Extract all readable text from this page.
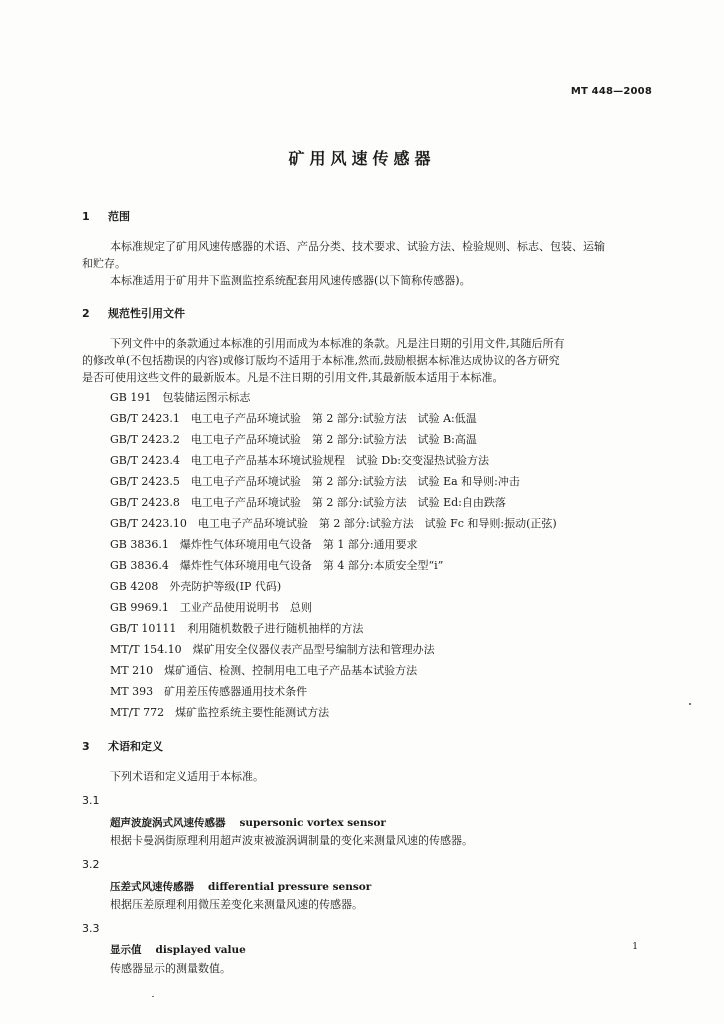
MT 448—2008
矿用风速传感器
1 范围
本标准规定了矿用风速传感器的术语、产品分类、技术要求、试验方法、检验规则、标志、包装、运输
和贮存。
本标准适用于矿用井下监测监控系统配套用风速传感器(以下简称传感器)。
2 规范性引用文件
下列文件中的条款通过本标准的引用而成为本标准的条款。凡是注日期的引用文件,其随后所有
的修改单(不包括勘误的内容)或修订版均不适用于本标准,然而,鼓励根据本标准达成协议的各方研究
是否可使用这些文件的最新版本。凡是不注日期的引用文件,其最新版本适用于本标准。
GB 191　包装储运图示标志
GB/T 2423.1　电工电子产品环境试验　第 2 部分:试验方法　试验 A:低温
GB/T 2423.2　电工电子产品环境试验　第 2 部分:试验方法　试验 B:高温
GB/T 2423.4　电工电子产品基本环境试验规程　试验 Db:交变湿热试验方法
GB/T 2423.5　电工电子产品环境试验　第 2 部分:试验方法　试验 Ea 和导则:冲击
GB/T 2423.8　电工电子产品环境试验　第 2 部分:试验方法　试验 Ed:自由跌落
GB/T 2423.10　电工电子产品环境试验　第 2 部分:试验方法　试验 Fc 和导则:振动(正弦)
GB 3836.1　爆炸性气体环境用电气设备　第 1 部分:通用要求
GB 3836.4　爆炸性气体环境用电气设备　第 4 部分:本质安全型“i”
GB 4208　外壳防护等级(IP 代码)
GB 9969.1　工业产品使用说明书　总则
GB/T 10111　利用随机数骰子进行随机抽样的方法
MT/T 154.10　煤矿用安全仪器仪表产品型号编制方法和管理办法
MT 210　煤矿通信、检测、控制用电工电子产品基本试验方法
MT 393　矿用差压传感器通用技术条件
MT/T 772　煤矿监控系统主要性能测试方法
3 术语和定义
下列术语和定义适用于本标准。
3.1
超声波旋涡式风速传感器 supersonic vortex sensor
根据卡曼涡街原理利用超声波束被漩涡调制量的变化来测量风速的传感器。
3.2
压差式风速传感器 differential pressure sensor
根据压差原理利用微压差变化来测量风速的传感器。
3.3
显示值 displayed value
传感器显示的测量数值。
1
